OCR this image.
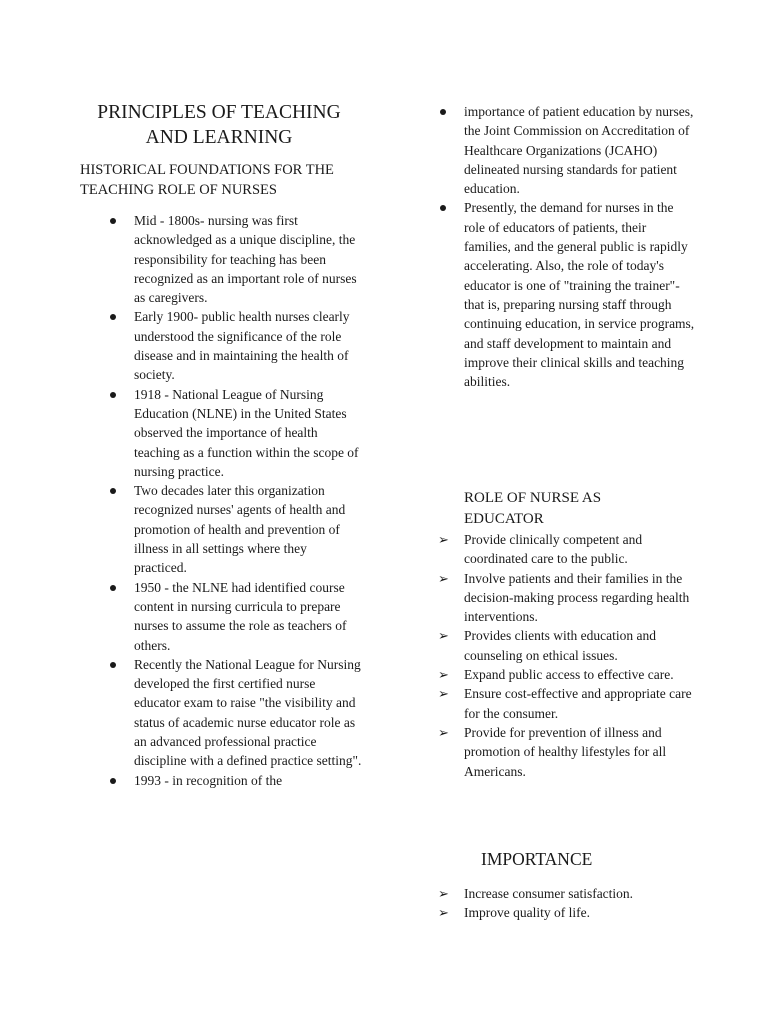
PRINCIPLES OF TEACHING AND LEARNING
HISTORICAL FOUNDATIONS FOR THE TEACHING ROLE OF NURSES
Mid - 1800s- nursing was first acknowledged as a unique discipline, the responsibility for teaching has been recognized as an important role of nurses as caregivers.
Early 1900- public health nurses clearly understood the significance of the role disease and in maintaining the health of society.
1918 - National League of Nursing Education (NLNE) in the United States observed the importance of health teaching as a function within the scope of nursing practice.
Two decades later this organization recognized nurses' agents of health and promotion of health and prevention of illness in all settings where they practiced.
1950 - the NLNE had identified course content in nursing curricula to prepare nurses to assume the role as teachers of others.
Recently the National League for Nursing developed the first certified nurse educator exam to raise "the visibility and status of academic nurse educator role as an advanced professional practice discipline with a defined practice setting".
1993 - in recognition of the
importance of patient education by nurses, the Joint Commission on Accreditation of Healthcare Organizations (JCAHO) delineated nursing standards for patient education.
Presently, the demand for nurses in the role of educators of patients, their families, and the general public is rapidly accelerating. Also, the role of today's educator is one of "training the trainer"- that is, preparing nursing staff through continuing education, in service programs, and staff development to maintain and improve their clinical skills and teaching abilities.
ROLE OF NURSE AS EDUCATOR
➢ Provide clinically competent and coordinated care to the public.
➢ Involve patients and their families in the decision-making process regarding health interventions.
➢ Provides clients with education and counseling on ethical issues.
➢ Expand public access to effective care.
➢ Ensure cost-effective and appropriate care for the consumer.
➢ Provide for prevention of illness and promotion of healthy lifestyles for all Americans.
IMPORTANCE
➢ Increase consumer satisfaction.
➢ Improve quality of life.
